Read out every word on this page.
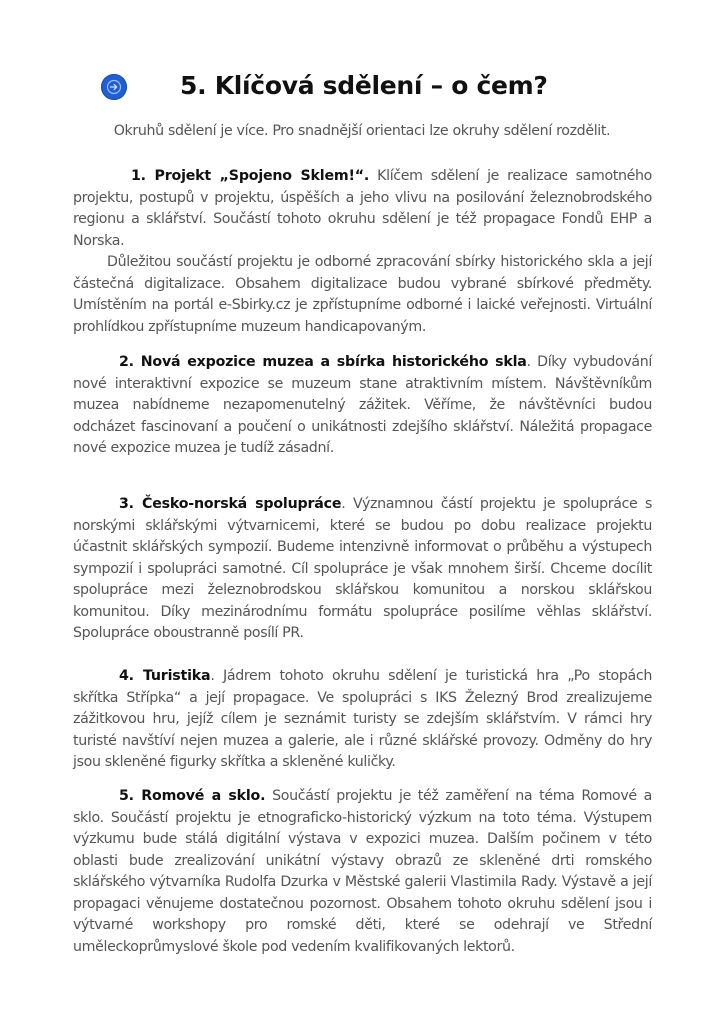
5. Klíčová sdělení – o čem?
Okruhů sdělení je více. Pro snadnější orientaci lze okruhy sdělení rozdělit.

1. Projekt „Spojeno Sklem!“. Klíčem sdělení je realizace samotného projektu, postupů v projektu, úspěších a jeho vlivu na posilování železnobrodského regionu a sklářství. Součástí tohoto okruhu sdělení je též propagace Fondů EHP a Norska.

Důležitou součástí projektu je odborné zpracování sbírky historického skla a její částečná digitalizace. Obsahem digitalizace budou vybrané sbírkové předměty. Umístěním na portál e-Sbirky.cz je zpřístupníme odborné i laické veřejnosti. Virtuální prohlídkou zpřístupníme muzeum handicapovaným.

2. Nová expozice muzea a sbírka historického skla. Díky vybudování nové interaktivní expozice se muzeum stane atraktivním místem. Návštěvníkům muzea nabídneme nezapomenutelný zážitek. Věříme, že návštěvníci budou odcházet fascinovaní a poučení o unikátnosti zdejšího sklářství. Náležitá propagace nové expozice muzea je tudíž zásadní.

3. Česko-norská spolupráce. Významnou částí projektu je spolupráce s norskými sklářskými výtvarnicemi, které se budou po dobu realizace projektu účastnit sklářských sympozií. Budeme intenzivně informovat o průběhu a výstupech sympozií i spolupráci samotné. Cíl spolupráce je však mnohem širší. Chceme docílit spolupráce mezi železnobrodskou sklářskou komunitou a norskou sklářskou komunitou. Díky mezinárodnímu formátu spolupráce posilíme věhlas sklářství. Spolupráce oboustranně posílí PR.

4. Turistika. Jádrem tohoto okruhu sdělení je turistická hra „Po stopách skřítka Střípka“ a její propagace. Ve spolupráci s IKS Železný Brod zrealizujeme zážitkovou hru, jejíž cílem je seznámit turisty se zdejším sklářstvím. V rámci hry turisté navštíví nejen muzea a galerie, ale i různé sklářské provozy. Odměny do hry jsou skleněné figurky skřítka a skleněné kuličky.

5. Romové a sklo. Součástí projektu je též zaměření na téma Romové a sklo. Součástí projektu je etnograficko-historický výzkum na toto téma. Výstupem výzkumu bude stálá digitální výstava v expozici muzea. Dalším počinem v této oblasti bude zrealizování unikátní výstavy obrazů ze skleněné drti romského sklářského výtvarníka Rudolfa Dzurka v Městské galerii Vlastimila Rady. Výstavě a její propagaci věnujeme dostatečnou pozornost. Obsahem tohoto okruhu sdělení jsou i výtvarné workshopy pro romské děti, které se odehrají ve Střední uměleckoprůmyslové škole pod vedením kvalifikovaných lektorů.
